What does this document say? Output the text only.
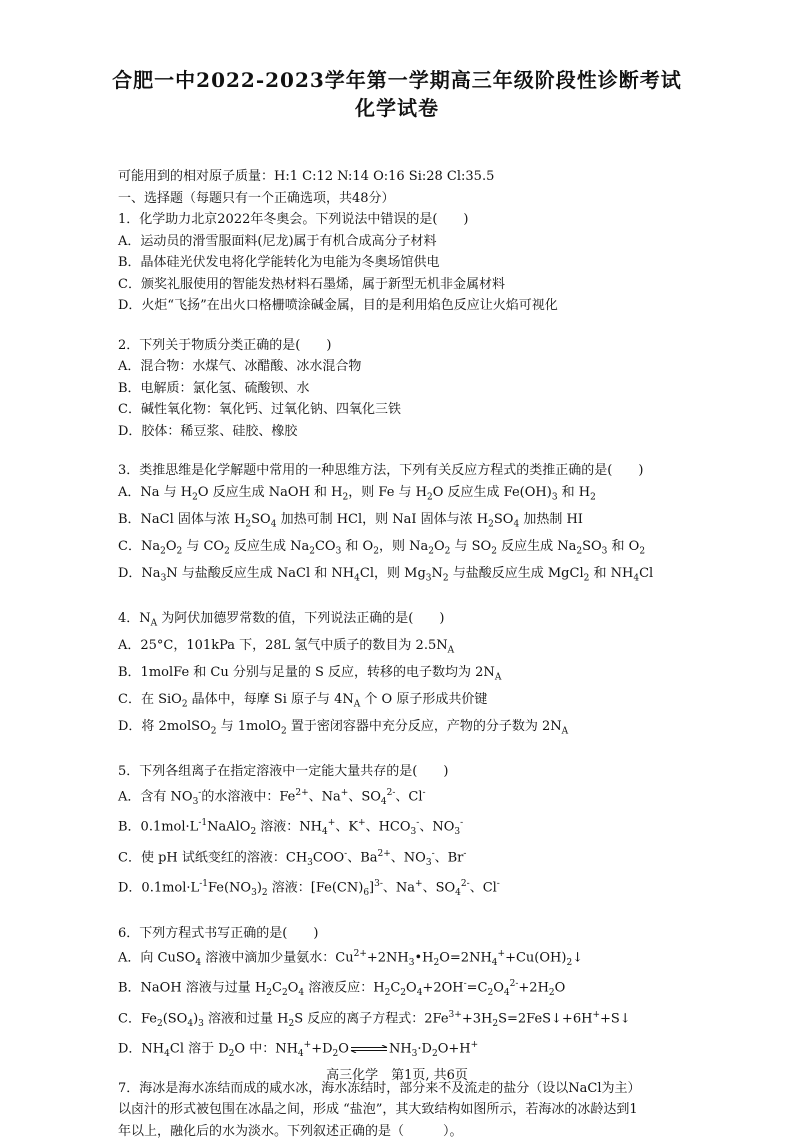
合肥一中2022-2023学年第一学期高三年级阶段性诊断考试
化学试卷
可能用到的相对原子质量：H:1 C:12 N:14 O:16 Si:28 Cl:35.5
一、选择题（每题只有一个正确选项，共48分）
1．化学助力北京2022年冬奥会。下列说法中错误的是(　　)
A．运动员的滑雪服面料(尼龙)属于有机合成高分子材料
B．晶体硅光伏发电将化学能转化为电能为冬奥场馆供电
C．颁奖礼服使用的智能发热材料石墨烯，属于新型无机非金属材料
D．火炬“飞扬”在出火口格栅喷涂碱金属，目的是利用焰色反应让火焰可视化
2．下列关于物质分类正确的是(　　)
A．混合物：水煤气、冰醋酸、冰水混合物
B．电解质：氯化氢、硫酸钡、水
C．碱性氧化物：氧化钙、过氧化钠、四氧化三铁
D．胶体：稀豆浆、硅胶、橡胶
3．类推思维是化学解题中常用的一种思维方法，下列有关反应方程式的类推正确的是(　　)
A．Na 与 $H_2O$ 反应生成 NaOH 和 $H_2$，则 Fe 与 $H_2O$ 反应生成 $Fe(OH)_3$ 和 $H_2$
B．NaCl 固体与浓 $H_2SO_4$ 加热可制 HCl，则 NaI 固体与浓 $H_2SO_4$ 加热制 HI
C．$Na_2O_2$ 与 $CO_2$ 反应生成 $Na_2CO_3$ 和 $O_2$，则 $Na_2O_2$ 与 $SO_2$ 反应生成 $Na_2SO_3$ 和 $O_2$
D．$Na_3N$ 与盐酸反应生成 NaCl 和 $NH_4Cl$，则 $Mg_3N_2$ 与盐酸反应生成 MgCl$_2$ 和 $NH_4Cl$
4．$N_A$ 为阿伏加德罗常数的值，下列说法正确的是(　　)
A．25°C，101kPa 下，28L 氢气中质子的数目为 $2.5N_A$
B．1molFe 和 Cu 分别与足量的 S 反应，转移的电子数均为 $2N_A$
C．在 SiO$_2$ 晶体中，每摩 Si 原子与 $4N_A$ 个 O 原子形成共价键
D．将 2molSO$_2$ 与 1molO$_2$ 置于密闭容器中充分反应，产物的分子数为 $2N_A$
5．下列各组离子在指定溶液中一定能大量共存的是(　　)
A．含有 $NO_3^-$的水溶液中：$Fe^{2+}$、Na+、$SO_4^{2-}$、Cl-
B．$0.1mol\cdot L^{-1}NaAlO_2$ 溶液：$NH_4^+$、K+、$HCO_3^-$、$NO_3^-$
C．使 pH 试纸变红的溶液：$CH_3COO^-$、$Ba^{2+}$、$NO_3^-$、Br-
D．$0.1mol\cdot L^{-1}Fe(NO_3)_2$ 溶液：$[Fe(CN)_6]^{3-}$、Na+、$SO_4^{2-}$、Cl-
6．下列方程式书写正确的是(　　)
A．向 CuSO$_4$ 溶液中滴加少量氨水：$Cu^{2+}+2NH_3•H_2O=2NH_4^++Cu(OH)_2↓$
B．NaOH 溶液与过量 $H_2C_2O_4$ 溶液反应：$H_2C_2O_4+2OH^-=C_2O_4^{2-}+2H_2O$
C．$Fe_2(SO_4)_3$ 溶液和过量 $H_2S$ 反应的离子方程式：$2Fe^{3+}+3H_2S=2FeS↓+6H^++S↓$
D．$NH_4Cl$ 溶于 $D_2O$ 中：$NH_4^++D_2O\rightleftharpoons NH_3\cdot D_2O+H^+$
7．海冰是海水冻结而成的咸水冰，海水冻结时，部分来不及流走的盐分（设以NaCl为主）
以卤汁的形式被包围在冰晶之间，形成 “盐泡”，其大致结构如图所示，若海冰的冰龄达到1
年以上，融化后的水为淡水。下列叙述正确的是（　　　）。
高三化学　第1页, 共6页
